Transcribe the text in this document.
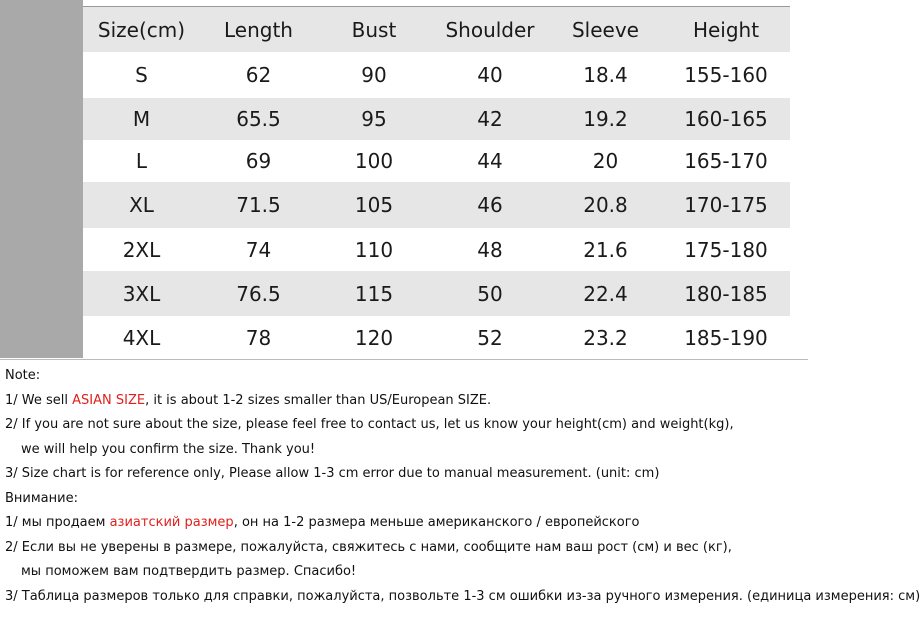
Size(cm)	Length	Bust	Shoulder	Sleeve	Height
S	62	90	40	18.4	155-160
M	65.5	95	42	19.2	160-165
L	69	100	44	20	165-170
XL	71.5	105	46	20.8	170-175
2XL	74	110	48	21.6	175-180
3XL	76.5	115	50	22.4	180-185
4XL	78	120	52	23.2	185-190
Note:
1/ We sell ASIAN SIZE, it is about 1-2 sizes smaller than US/European SIZE.
2/ If you are not sure about the size, please feel free to contact us, let us know your height(cm) and weight(kg),
we will help you confirm the size. Thank you!
3/ Size chart is for reference only, Please allow 1-3 cm error due to manual measurement. (unit: cm)
Внимание:
1/ мы продаем азиатский размер, он на 1-2 размера меньше американского / европейского
2/ Если вы не уверены в размере, пожалуйста, свяжитесь с нами, сообщите нам ваш рост (см) и вес (кг),
мы поможем вам подтвердить размер. Спасибо!
3/ Таблица размеров только для справки, пожалуйста, позвольте 1-3 см ошибки из-за ручного измерения. (единица измерения: см)
